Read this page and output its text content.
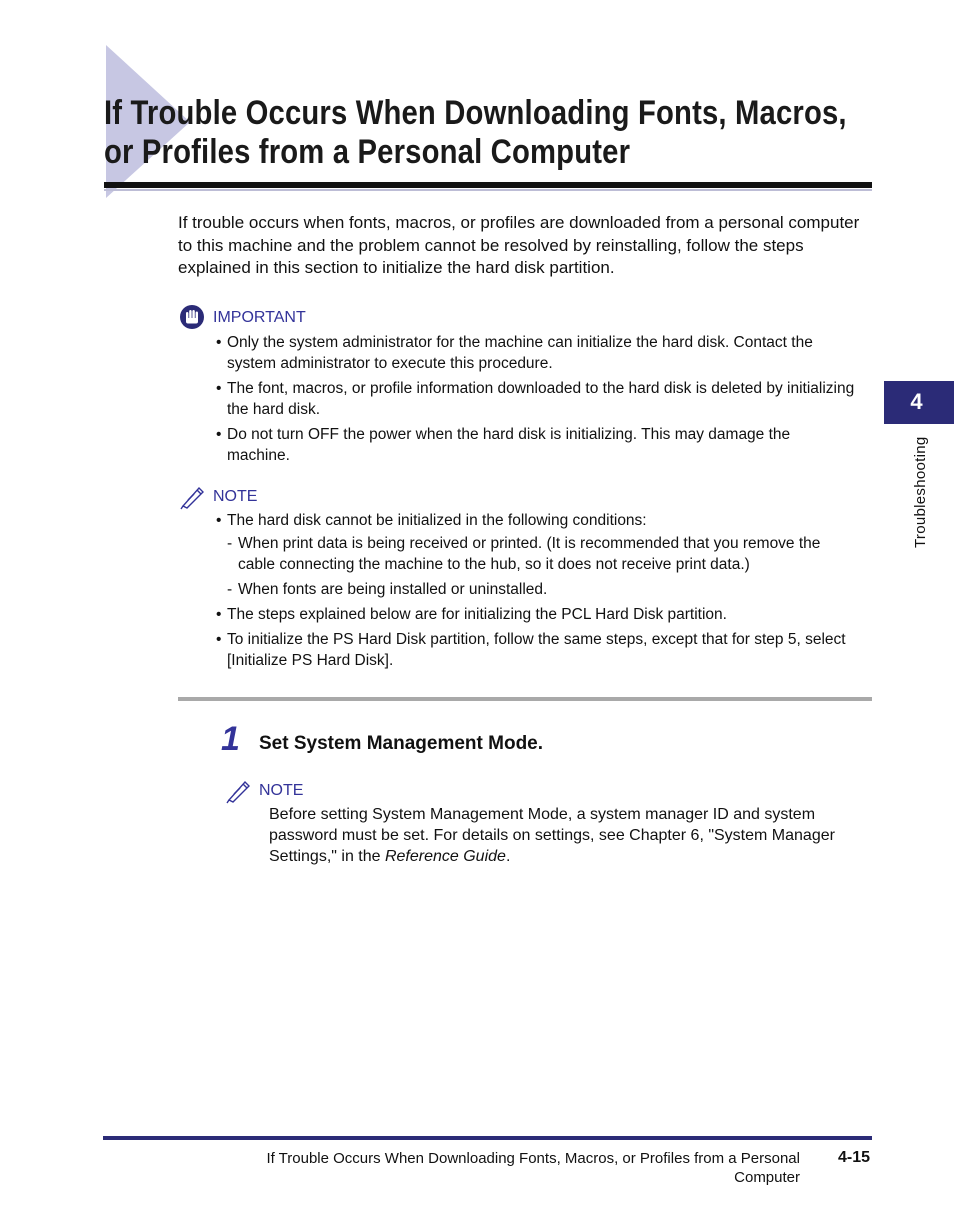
If Trouble Occurs When Downloading Fonts, Macros,
or Profiles from a Personal Computer

If trouble occurs when fonts, macros, or profiles are downloaded from a personal computer to this machine and the problem cannot be resolved by reinstalling, follow the steps explained in this section to initialize the hard disk partition.

IMPORTANT
• Only the system administrator for the machine can initialize the hard disk. Contact the system administrator to execute this procedure.
• The font, macros, or profile information downloaded to the hard disk is deleted by initializing the hard disk.
• Do not turn OFF the power when the hard disk is initializing. This may damage the machine.
NOTE
• The hard disk cannot be initialized in the following conditions:
- When print data is being received or printed. (It is recommended that you remove the cable connecting the machine to the hub, so it does not receive print data.)
- When fonts are being installed or uninstalled.
• The steps explained below are for initializing the PCL Hard Disk partition.
• To initialize the PS Hard Disk partition, follow the same steps, except that for step 5, select [Initialize PS Hard Disk].
1 Set System Management Mode.
NOTE
Before setting System Management Mode, a system manager ID and system password must be set. For details on settings, see Chapter 6, "System Manager Settings," in the Reference Guide.
4
Troubleshooting
If Trouble Occurs When Downloading Fonts, Macros, or Profiles from a Personal Computer
4-15
